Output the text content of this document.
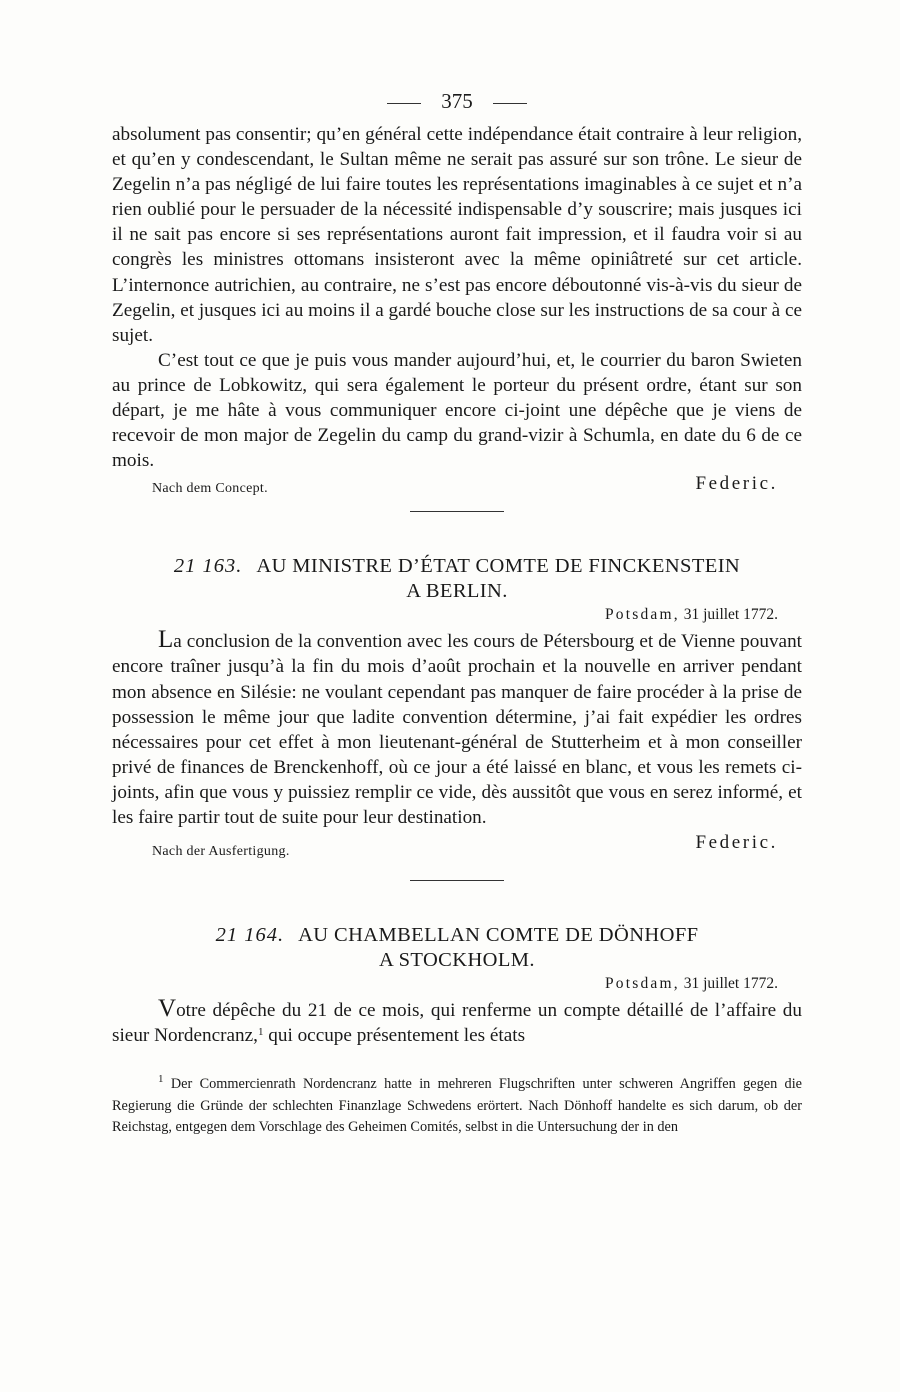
375

absolument pas consentir; qu’en général cette indépendance était contraire à leur religion, et qu’en y condescendant, le Sultan même ne serait pas assuré sur son trône. Le sieur de Zegelin n’a pas négligé de lui faire toutes les représentations imaginables à ce sujet et n’a rien oublié pour le persuader de la nécessité indispensable d’y souscrire; mais jusques ici il ne sait pas encore si ses représentations auront fait impression, et il faudra voir si au congrès les ministres ottomans insisteront avec la même opiniâtreté sur cet article. L’internonce autrichien, au contraire, ne s’est pas encore déboutonné vis-à-vis du sieur de Zegelin, et jusques ici au moins il a gardé bouche close sur les instructions de sa cour à ce sujet.

C’est tout ce que je puis vous mander aujourd’hui, et, le courrier du baron Swieten au prince de Lobkowitz, qui sera également le porteur du présent ordre, étant sur son départ, je me hâte à vous communiquer encore ci-joint une dépêche que je viens de recevoir de mon major de Zegelin du camp du grand-vizir à Schumla, en date du 6 de ce mois.

Nach dem Concept.	Federic.
21 163. AU MINISTRE D’ÉTAT COMTE DE FINCKENSTEIN
A BERLIN.
Potsdam, 31 juillet 1772.

La conclusion de la convention avec les cours de Pétersbourg et de Vienne pouvant encore traîner jusqu’à la fin du mois d’août prochain et la nouvelle en arriver pendant mon absence en Silésie: ne voulant cependant pas manquer de faire procéder à la prise de possession le même jour que ladite convention détermine, j’ai fait expédier les ordres nécessaires pour cet effet à mon lieutenant-général de Stutterheim et à mon conseiller privé de finances de Brenckenhoff, où ce jour a été laissé en blanc, et vous les remets ci-joints, afin que vous y puissiez remplir ce vide, dès aussitôt que vous en serez informé, et les faire partir tout de suite pour leur destination.

Nach der Ausfertigung.	Federic.
21 164. AU CHAMBELLAN COMTE DE DÖNHOFF
A STOCKHOLM.
Potsdam, 31 juillet 1772.

Votre dépêche du 21 de ce mois, qui renferme un compte détaillé de l’affaire du sieur Nordencranz,$^1$ qui occupe présentement les états

$^1$ Der Commercienrath Nordencranz hatte in mehreren Flugschriften unter schweren Angriffen gegen die Regierung die Gründe der schlechten Finanzlage Schwedens erörtert. Nach Dönhoff handelte es sich darum, ob der Reichstag, entgegen dem Vorschlage des Geheimen Comités, selbst in die Untersuchung der in den
